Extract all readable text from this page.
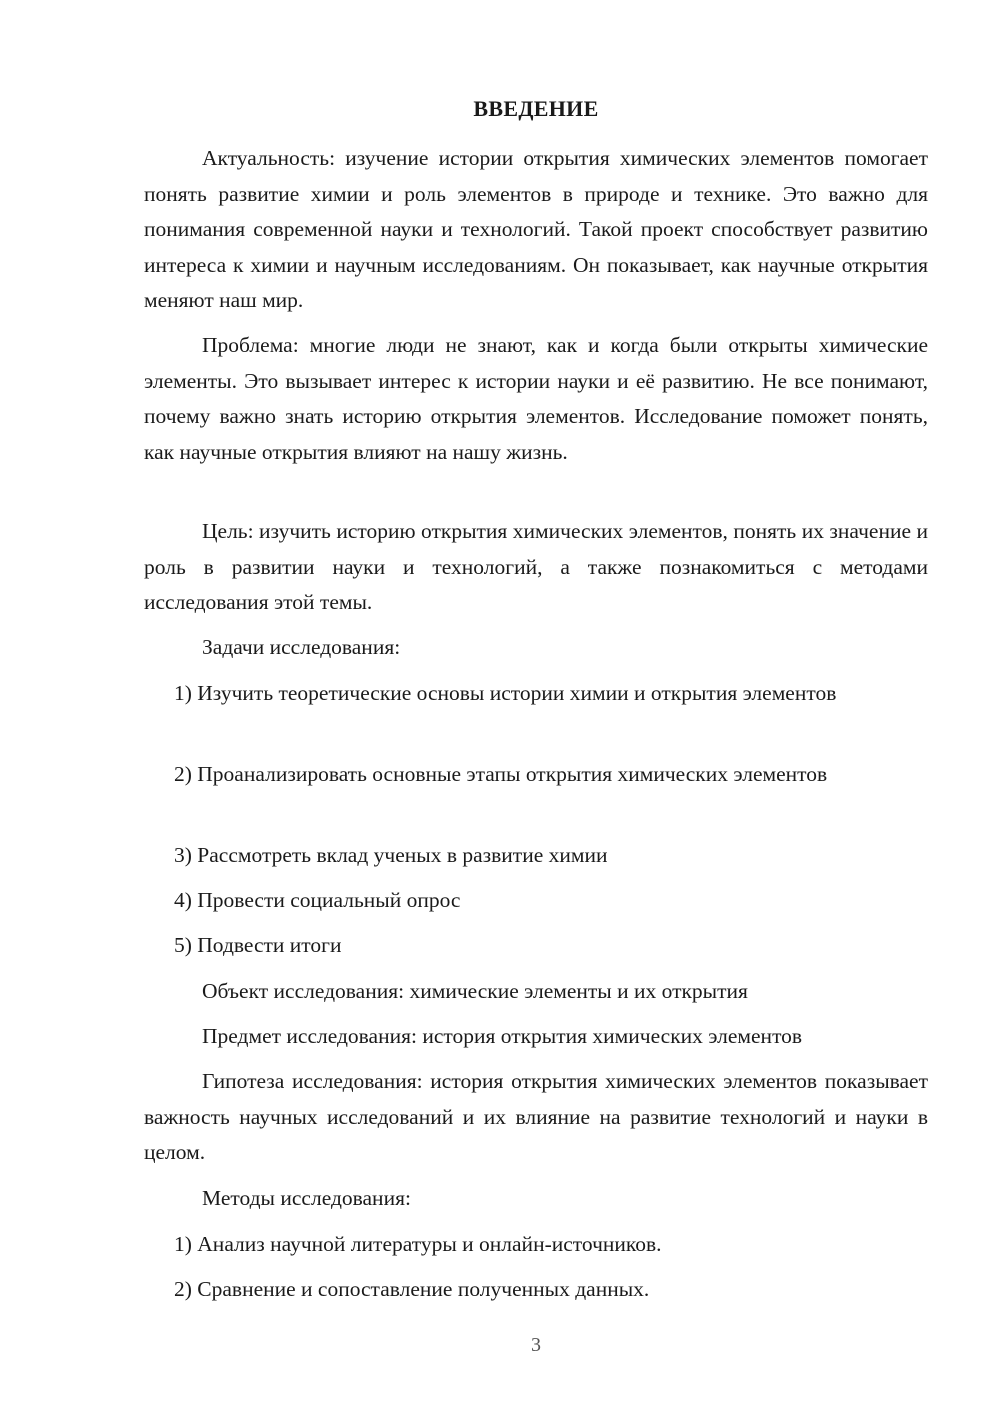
ВВЕДЕНИЕ

Актуальность: изучение истории открытия химических элементов помогает понять развитие химии и роль элементов в природе и технике. Это важно для понимания современной науки и технологий. Такой проект способствует развитию интереса к химии и научным исследованиям. Он показывает, как научные открытия меняют наш мир.

Проблема: многие люди не знают, как и когда были открыты химические элементы. Это вызывает интерес к истории науки и её развитию. Не все понимают, почему важно знать историю открытия элементов. Исследование поможет понять, как научные открытия влияют на нашу жизнь.

Цель: изучить историю открытия химических элементов, понять их значение и роль в развитии науки и технологий, а также познакомиться с методами исследования этой темы.

Задачи исследования:

1) Изучить теоретические основы истории химии и открытия элементов

2) Проанализировать основные этапы открытия химических элементов

3) Рассмотреть вклад ученых в развитие химии

4) Провести социальный опрос

5) Подвести итоги

Объект исследования: химические элементы и их открытия

Предмет исследования: история открытия химических элементов

Гипотеза исследования: история открытия химических элементов показывает важность научных исследований и их влияние на развитие технологий и науки в целом.

Методы исследования:

1) Анализ научной литературы и онлайн-источников.

2) Сравнение и сопоставление полученных данных.

3
